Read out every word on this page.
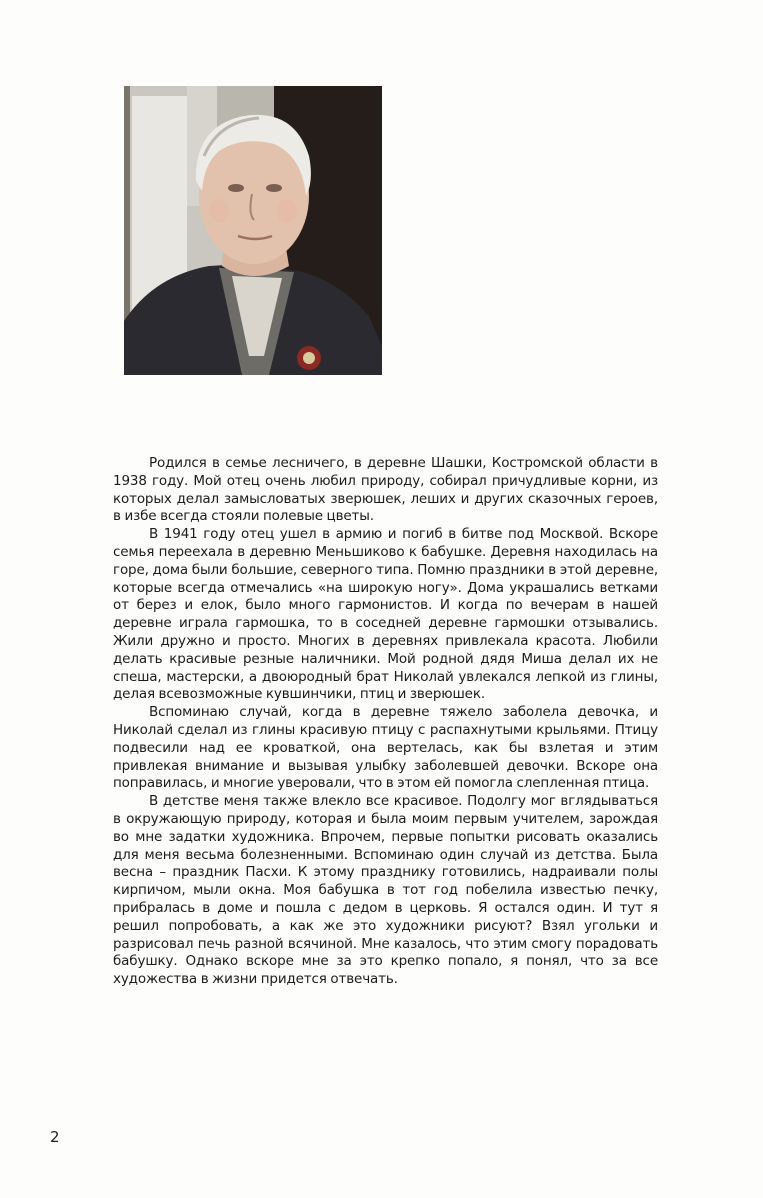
Родился в семье лесничего, в деревне Шашки, Костромской области в 1938 году. Мой отец очень любил природу, собирал причудливые корни, из которых делал замысловатых зверюшек, леших и других сказочных героев, в избе всегда стояли полевые цветы.

В 1941 году отец ушел в армию и погиб в битве под Москвой. Вскоре семья переехала в деревню Меньшиково к бабушке. Деревня находилась на горе, дома были большие, северного типа. Помню праздники в этой деревне, которые всегда отмечались «на широкую ногу». Дома украшались ветками от берез и елок, было много гармонистов. И когда по вечерам в нашей деревне играла гармошка, то в соседней деревне гармошки отзывались. Жили дружно и просто. Многих в деревнях привлекала красота. Любили делать красивые резные наличники. Мой родной дядя Миша делал их не спеша, мастерски, а двоюродный брат Николай увлекался лепкой из глины, делая всевозможные кувшинчики, птиц и зверюшек.

Вспоминаю случай, когда в деревне тяжело заболела девочка, и Николай сделал из глины красивую птицу с распахнутыми крыльями. Птицу подвесили над ее кроваткой, она вертелась, как бы взлетая и этим привлекая внимание и вызывая улыбку заболевшей девочки. Вскоре она поправилась, и многие уверовали, что в этом ей помогла слепленная птица.

В детстве меня также влекло все красивое. Подолгу мог вглядываться в окружающую природу, которая и была моим первым учителем, зарождая во мне задатки художника. Впрочем, первые попытки рисовать оказались для меня весьма болезненными. Вспоминаю один случай из детства. Была весна – праздник Пасхи. К этому празднику готовились, надраивали полы кирпичом, мыли окна. Моя бабушка в тот год побелила известью печку, прибралась в доме и пошла с дедом в церковь. Я остался один. И тут я решил попробовать, а как же это художники рисуют? Взял угольки и разрисовал печь разной всячиной. Мне казалось, что этим смогу порадовать бабушку. Однако вскоре мне за это крепко попало, я понял, что за все художества в жизни придется отвечать.

2
